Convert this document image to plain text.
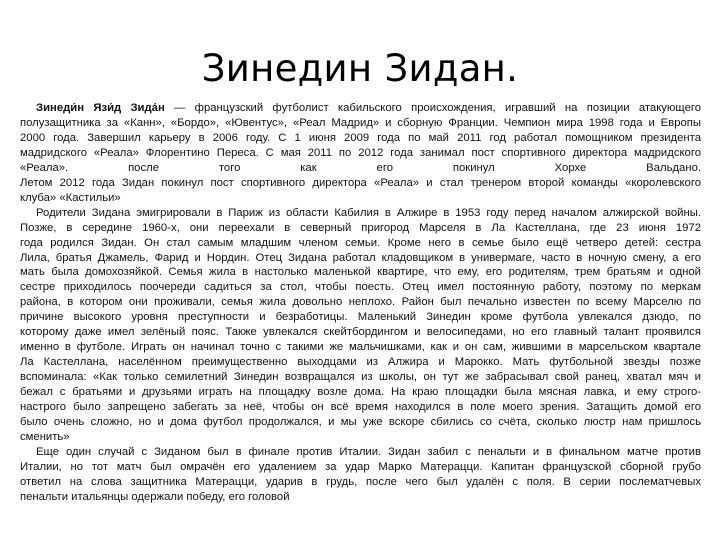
Зинедин Зидан.
Зинеди́н Язи́д Зида́н — французский футболист кабильского происхождения, игравший на позиции атакующего
полузащитника за «Канн», «Бордо», «Ювентус», «Реал Мадрид» и сборную Франции. Чемпион мира 1998 года и Европы
2000 года. Завершил карьеру в 2006 году. С 1 июня 2009 года по май 2011 год работал помощником президента
мадридского «Реала» Флорентино Переса. С мая 2011 по 2012 года занимал пост спортивного директора мадридского
«Реала». после того как его покинул Хорхе Вальдано.
Летом 2012 года Зидан покинул пост спортивного директора «Реала» и стал тренером второй команды «королевского
клуба» «Кастильи»
Родители Зидана эмигрировали в Париж из области Кабилия в Алжире в 1953 году перед началом алжирской войны.
Позже, в середине 1960-х, они переехали в северный пригород Марселя в Ла Кастеллана, где 23 июня 1972
года родился Зидан. Он стал самым младшим членом семьи. Кроме него в семье было ещё четверо детей: сестра
Лила, братья Джамель, Фарид и Нордин. Отец Зидана работал кладовщиком в универмаге, часто в ночную смену, а его
мать была домохозяйкой. Семья жила в настолько маленькой квартире, что ему, его родителям, трем братьям и одной
сестре приходилось поочереди садиться за стол, чтобы поесть. Отец имел постоянную работу, поэтому по меркам
района, в котором они проживали, семья жила довольно неплохо. Район был печально известен по всему Марселю по
причине высокого уровня преступности и безработицы. Маленький Зинедин кроме футбола увлекался дзюдо, по
которому даже имел зелёный пояс. Также увлекался скейтбордингом и велосипедами, но его главный талант проявился
именно в футболе. Играть он начинал точно с такими же мальчишками, как и он сам, жившими в марсельском квартале
Ла Кастеллана, населённом преимущественно выходцами из Алжира и Марокко. Мать футбольной звезды позже
вспоминала: «Как только семилетний Зинедин возвращался из школы, он тут же забрасывал свой ранец, хватал мяч и
бежал с братьями и друзьями играть на площадку возле дома. На краю площадки была мясная лавка, и ему строго-
настрого было запрещено забегать за неё, чтобы он всё время находился в поле моего зрения. Затащить домой его
было очень сложно, но и дома футбол продолжался, и мы уже вскоре сбились со счёта, сколько люстр нам пришлось
сменить»
Еще один случай с Зиданом был в финале против Италии. Зидан забил с пенальти и в финальном матче против
Италии, но тот матч был омрачён его удалением за удар Марко Матерацци. Капитан французской сборной грубо
ответил на слова защитника Матерацци, ударив в грудь, после чего был удалён с поля. В серии послематчевых
пенальти итальянцы одержали победу, его головой
